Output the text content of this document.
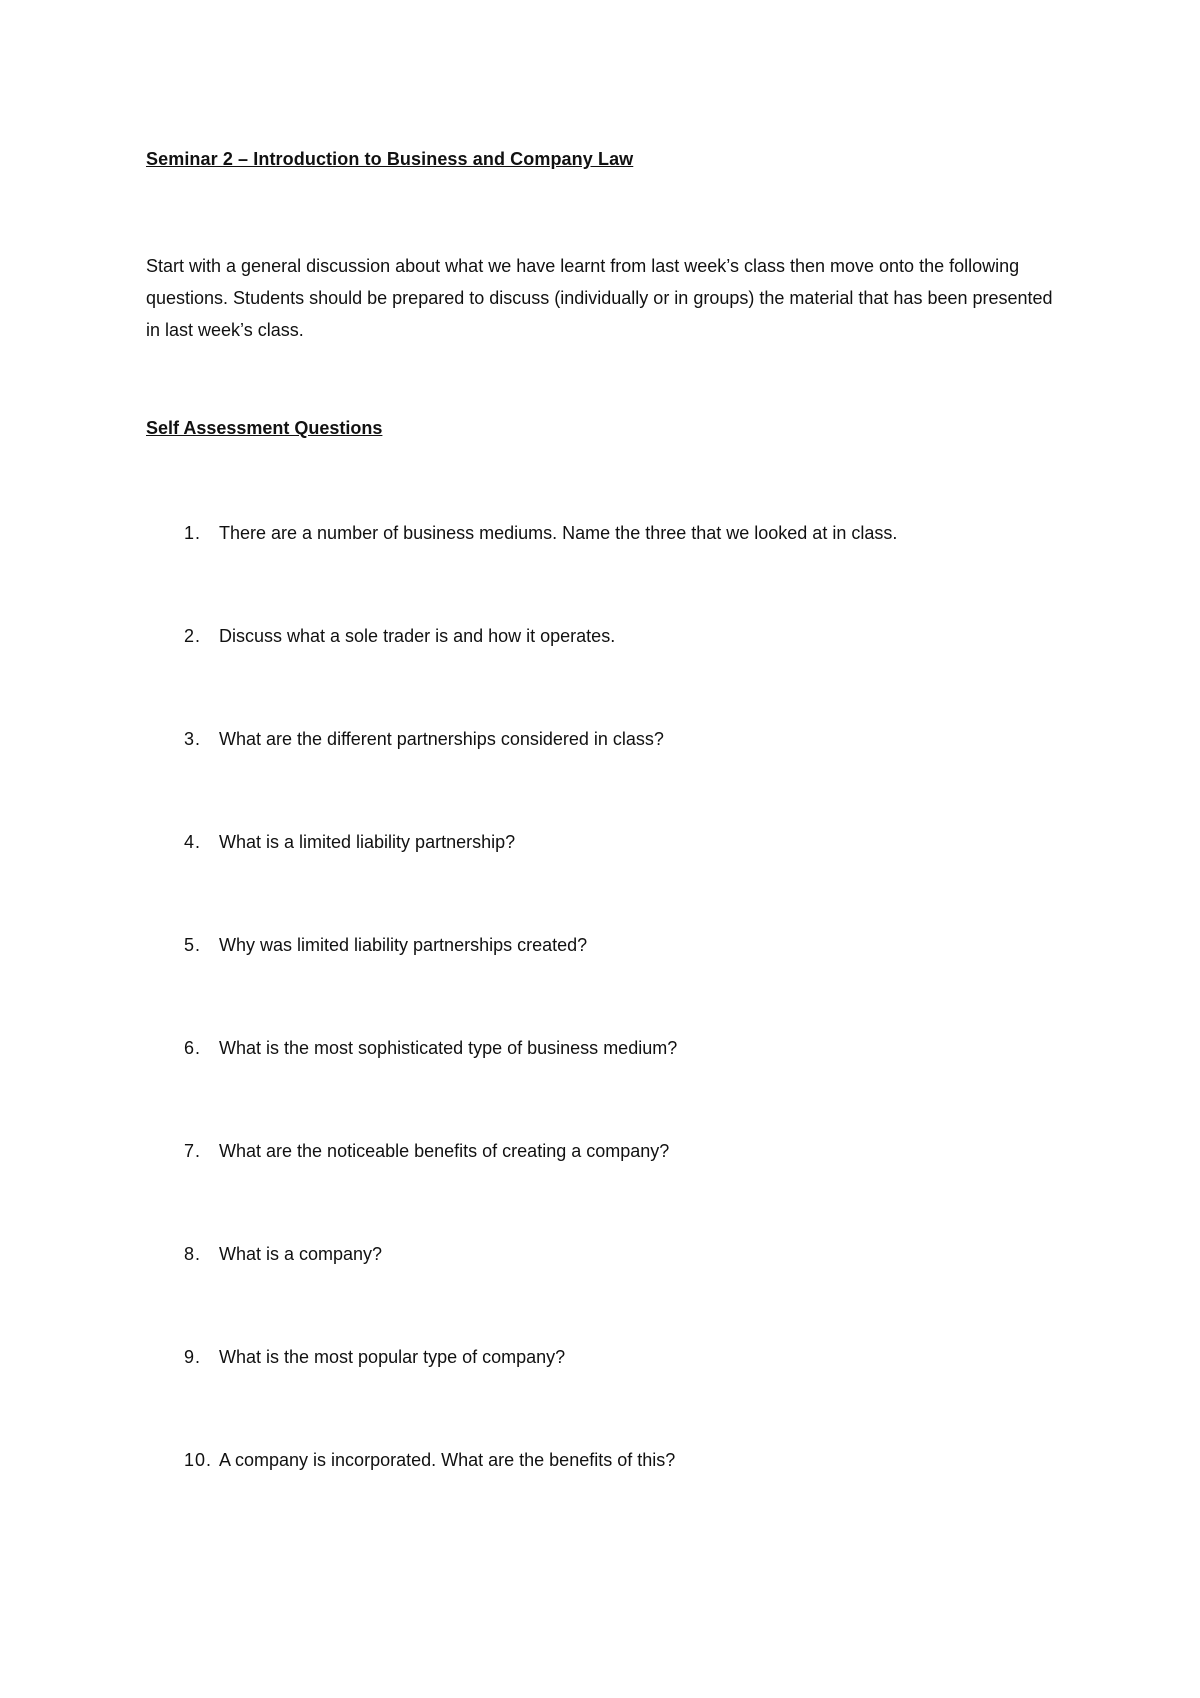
Seminar 2 – Introduction to Business and Company Law

Start with a general discussion about what we have learnt from last week’s class then move onto the following questions. Students should be prepared to discuss (individually or in groups) the material that has been presented in last week’s class.

Self Assessment Questions
1. There are a number of business mediums. Name the three that we looked at in class.
2. Discuss what a sole trader is and how it operates.
3. What are the different partnerships considered in class?
4. What is a limited liability partnership?
5. Why was limited liability partnerships created?
6. What is the most sophisticated type of business medium?
7. What are the noticeable benefits of creating a company?
8. What is a company?
9. What is the most popular type of company?
10. A company is incorporated. What are the benefits of this?
